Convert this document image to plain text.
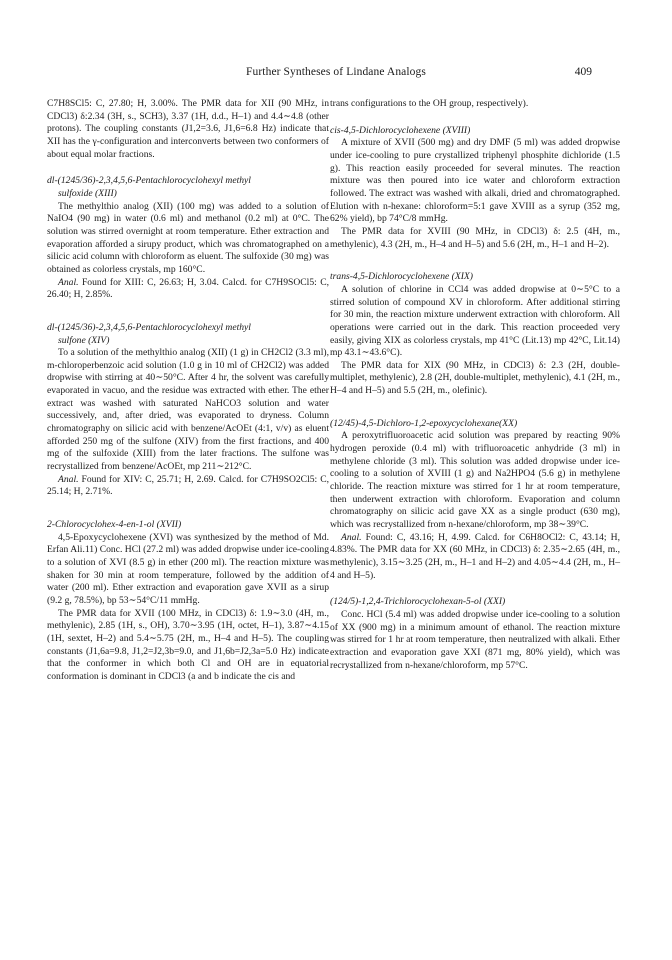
Further Syntheses of Lindane Analogs	409

C7H8SCl5: C, 27.80; H, 3.00%. The PMR data for XII (90 MHz, in CDCl3) δ:2.34 (3H, s., SCH3), 3.37 (1H, d.d., H–1) and 4.4∼4.8 (other protons). The coupling constants (J1,2=3.6, J1,6=6.8 Hz) indicate that XII has the γ-configuration and interconverts between two conformers of about equal molar fractions.

dl-(1245/36)-2,3,4,5,6-Pentachlorocyclohexyl methyl
sulfoxide (XIII)

The methylthio analog (XII) (100 mg) was added to a solution of NaIO4 (90 mg) in water (0.6 ml) and methanol (0.2 ml) at 0°C. The solution was stirred overnight at room temperature. Ether extraction and evaporation afforded a sirupy product, which was chromatographed on a silicic acid column with chloroform as eluent. The sulfoxide (30 mg) was obtained as colorless crystals, mp 160°C.

Anal. Found for XIII: C, 26.63; H, 3.04. Calcd. for C7H9SOCl5: C, 26.40; H, 2.85%.

dl-(1245/36)-2,3,4,5,6-Pentachlorocyclohexyl methyl
sulfone (XIV)

To a solution of the methylthio analog (XII) (1 g) in CH2Cl2 (3.3 ml), m-chloroperbenzoic acid solution (1.0 g in 10 ml of CH2Cl2) was added dropwise with stirring at 40∼50°C. After 4 hr, the solvent was carefully evaporated in vacuo, and the residue was extracted with ether. The ether extract was washed with saturated NaHCO3 solution and water successively, and, after dried, was evaporated to dryness. Column chromatography on silicic acid with benzene/AcOEt (4:1, v/v) as eluent afforded 250 mg of the sulfone (XIV) from the first fractions, and 400 mg of the sulfoxide (XIII) from the later fractions. The sulfone was recrystallized from benzene/AcOEt, mp 211∼212°C.

Anal. Found for XIV: C, 25.71; H, 2.69. Calcd. for C7H9SO2Cl5: C, 25.14; H, 2.71%.

2-Chlorocyclohex-4-en-1-ol (XVII)

4,5-Epoxycyclohexene (XVI) was synthesized by the method of Md. Erfan Ali.11) Conc. HCl (27.2 ml) was added dropwise under ice-cooling to a solution of XVI (8.5 g) in ether (200 ml). The reaction mixture was shaken for 30 min at room temperature, followed by the addition of water (200 ml). Ether extraction and evaporation gave XVII as a sirup (9.2 g, 78.5%), bp 53∼54°C/11 mmHg.

The PMR data for XVII (100 MHz, in CDCl3) δ: 1.9∼3.0 (4H, m., methylenic), 2.85 (1H, s., OH), 3.70∼3.95 (1H, octet, H–1), 3.87∼4.15 (1H, sextet, H–2) and 5.4∼5.75 (2H, m., H–4 and H–5). The coupling constants (J1,6a=9.8, J1,2=J2,3b=9.0, and J1,6b=J2,3a=5.0 Hz) indicate that the conformer in which both Cl and OH are in equatorial conformation is dominant in CDCl3 (a and b indicate the cis and

trans configurations to the OH group, respectively).

cis-4,5-Dichlorocyclohexene (XVIII)

A mixture of XVII (500 mg) and dry DMF (5 ml) was added dropwise under ice-cooling to pure crystallized triphenyl phosphite dichloride (1.5 g). This reaction easily proceeded for several minutes. The reaction mixture was then poured into ice water and chloroform extraction followed. The extract was washed with alkali, dried and chromatographed. Elution with n-hexane: chloroform=5:1 gave XVIII as a syrup (352 mg, 62% yield), bp 74°C/8 mmHg.

The PMR data for XVIII (90 MHz, in CDCl3) δ: 2.5 (4H, m., methylenic), 4.3 (2H, m., H–4 and H–5) and 5.6 (2H, m., H–1 and H–2).

trans-4,5-Dichlorocyclohexene (XIX)

A solution of chlorine in CCl4 was added dropwise at 0∼5°C to a stirred solution of compound XV in chloroform. After additional stirring for 30 min, the reaction mixture underwent extraction with chloroform. All operations were carried out in the dark. This reaction proceeded very easily, giving XIX as colorless crystals, mp 41°C (Lit.13) mp 42°C, Lit.14) mp 43.1∼43.6°C).

The PMR data for XIX (90 MHz, in CDCl3) δ: 2.3 (2H, double-multiplet, methylenic), 2.8 (2H, double-multiplet, methylenic), 4.1 (2H, m., H–4 and H–5) and 5.5 (2H, m., olefinic).

(12/45)-4,5-Dichloro-1,2-epoxycyclohexane(XX)

A peroxytrifluoroacetic acid solution was prepared by reacting 90% hydrogen peroxide (0.4 ml) with trifluoroacetic anhydride (3 ml) in methylene chloride (3 ml). This solution was added dropwise under ice-cooling to a solution of XVIII (1 g) and Na2HPO4 (5.6 g) in methylene chloride. The reaction mixture was stirred for 1 hr at room temperature, then underwent extraction with chloroform. Evaporation and column chromatography on silicic acid gave XX as a single product (630 mg), which was recrystallized from n-hexane/chloroform, mp 38∼39°C.

Anal. Found: C, 43.16; H, 4.99. Calcd. for C6H8OCl2: C, 43.14; H, 4.83%. The PMR data for XX (60 MHz, in CDCl3) δ: 2.35∼2.65 (4H, m., methylenic), 3.15∼3.25 (2H, m., H–1 and H–2) and 4.05∼4.4 (2H, m., H–4 and H–5).

(124/5)-1,2,4-Trichlorocyclohexan-5-ol (XXI)

Conc. HCl (5.4 ml) was added dropwise under ice-cooling to a solution of XX (900 mg) in a minimum amount of ethanol. The reaction mixture was stirred for 1 hr at room temperature, then neutralized with alkali. Ether extraction and evaporation gave XXI (871 mg, 80% yield), which was recrystallized from n-hexane/chloroform, mp 57°C.
